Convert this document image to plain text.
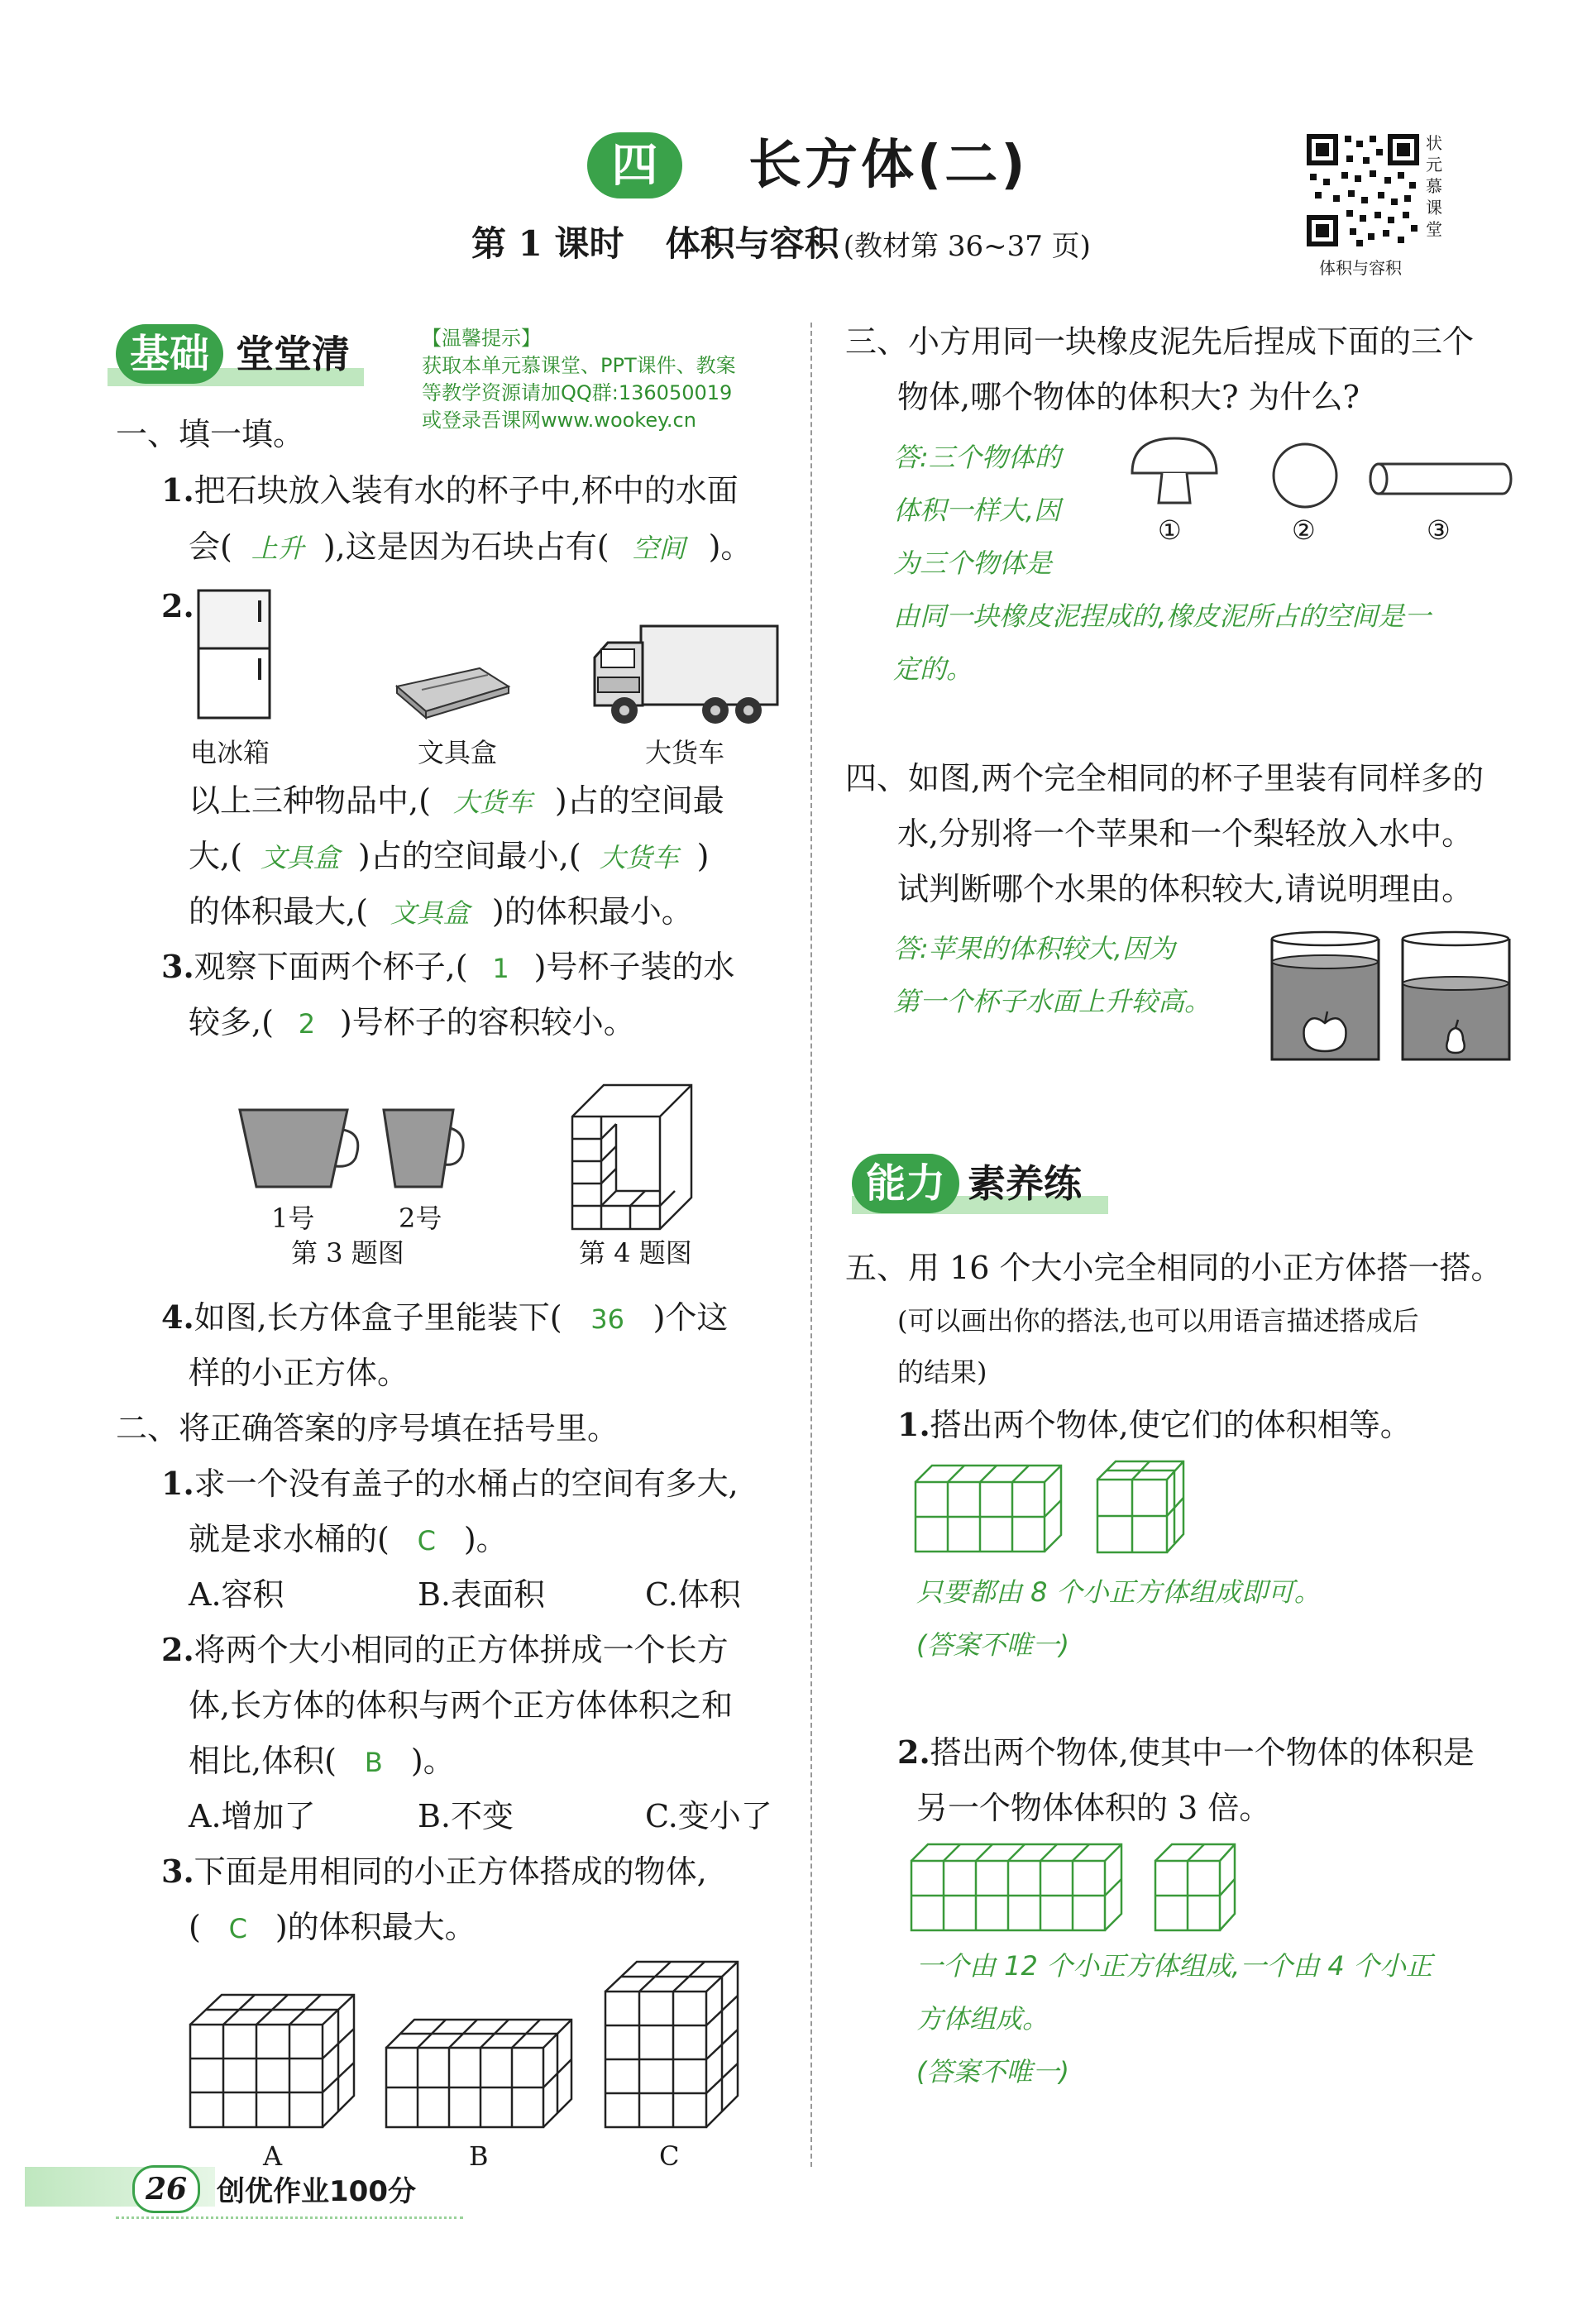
四	长方体(二)
第 1 课时 体积与容积 (教材第 36~37 页)
状元慕课堂
体积与容积
基础 堂堂清	【温馨提示】
获取本单元慕课堂、PPT课件、教案
等教学资源请加QQ群:136050019
或登录吾课网www.wookey.cn
一、填一填。
1.把石块放入装有水的杯子中,杯中的水面
会( 上升 ),这是因为石块占有( 空间 )。
2.
电冰箱	文具盒	大货车
以上三种物品中,( 大货车 )占的空间最
大,( 文具盒 )占的空间最小,( 大货车 )
的体积最大,( 文具盒 )的体积最小。
3.观察下面两个杯子,( 1 )号杯子装的水
较多,( 2 )号杯子的容积较小。
1号	2号
第 3 题图	第 4 题图
4.如图,长方体盒子里能装下( 36 )个这
样的小正方体。
二、将正确答案的序号填在括号里。
1.求一个没有盖子的水桶占的空间有多大,
就是求水桶的( C )。
A.容积	B.表面积	C.体积
2.将两个大小相同的正方体拼成一个长方
体,长方体的体积与两个正方体体积之和
相比,体积( B )。
A.增加了	B.不变	C.变小了
3.下面是用相同的小正方体搭成的物体,
( C )的体积最大。
A	B	C
三、小方用同一块橡皮泥先后捏成下面的三个
物体,哪个物体的体积大? 为什么?
答:三个物体的
体积一样大,因
为三个物体是
由同一块橡皮泥捏成的,橡皮泥所占的空间是一
定的。
①	②	③
四、如图,两个完全相同的杯子里装有同样多的
水,分别将一个苹果和一个梨轻放入水中。
试判断哪个水果的体积较大,请说明理由。
答:苹果的体积较大,因为
第一个杯子水面上升较高。
能力 素养练
五、用 16 个大小完全相同的小正方体搭一搭。
(可以画出你的搭法,也可以用语言描述搭成后
的结果)
1.搭出两个物体,使它们的体积相等。
只要都由 8 个小正方体组成即可。
(答案不唯一)
2.搭出两个物体,使其中一个物体的体积是
另一个物体体积的 3 倍。
一个由 12 个小正方体组成,一个由 4 个小正
方体组成。
(答案不唯一)
26	创优作业100分
